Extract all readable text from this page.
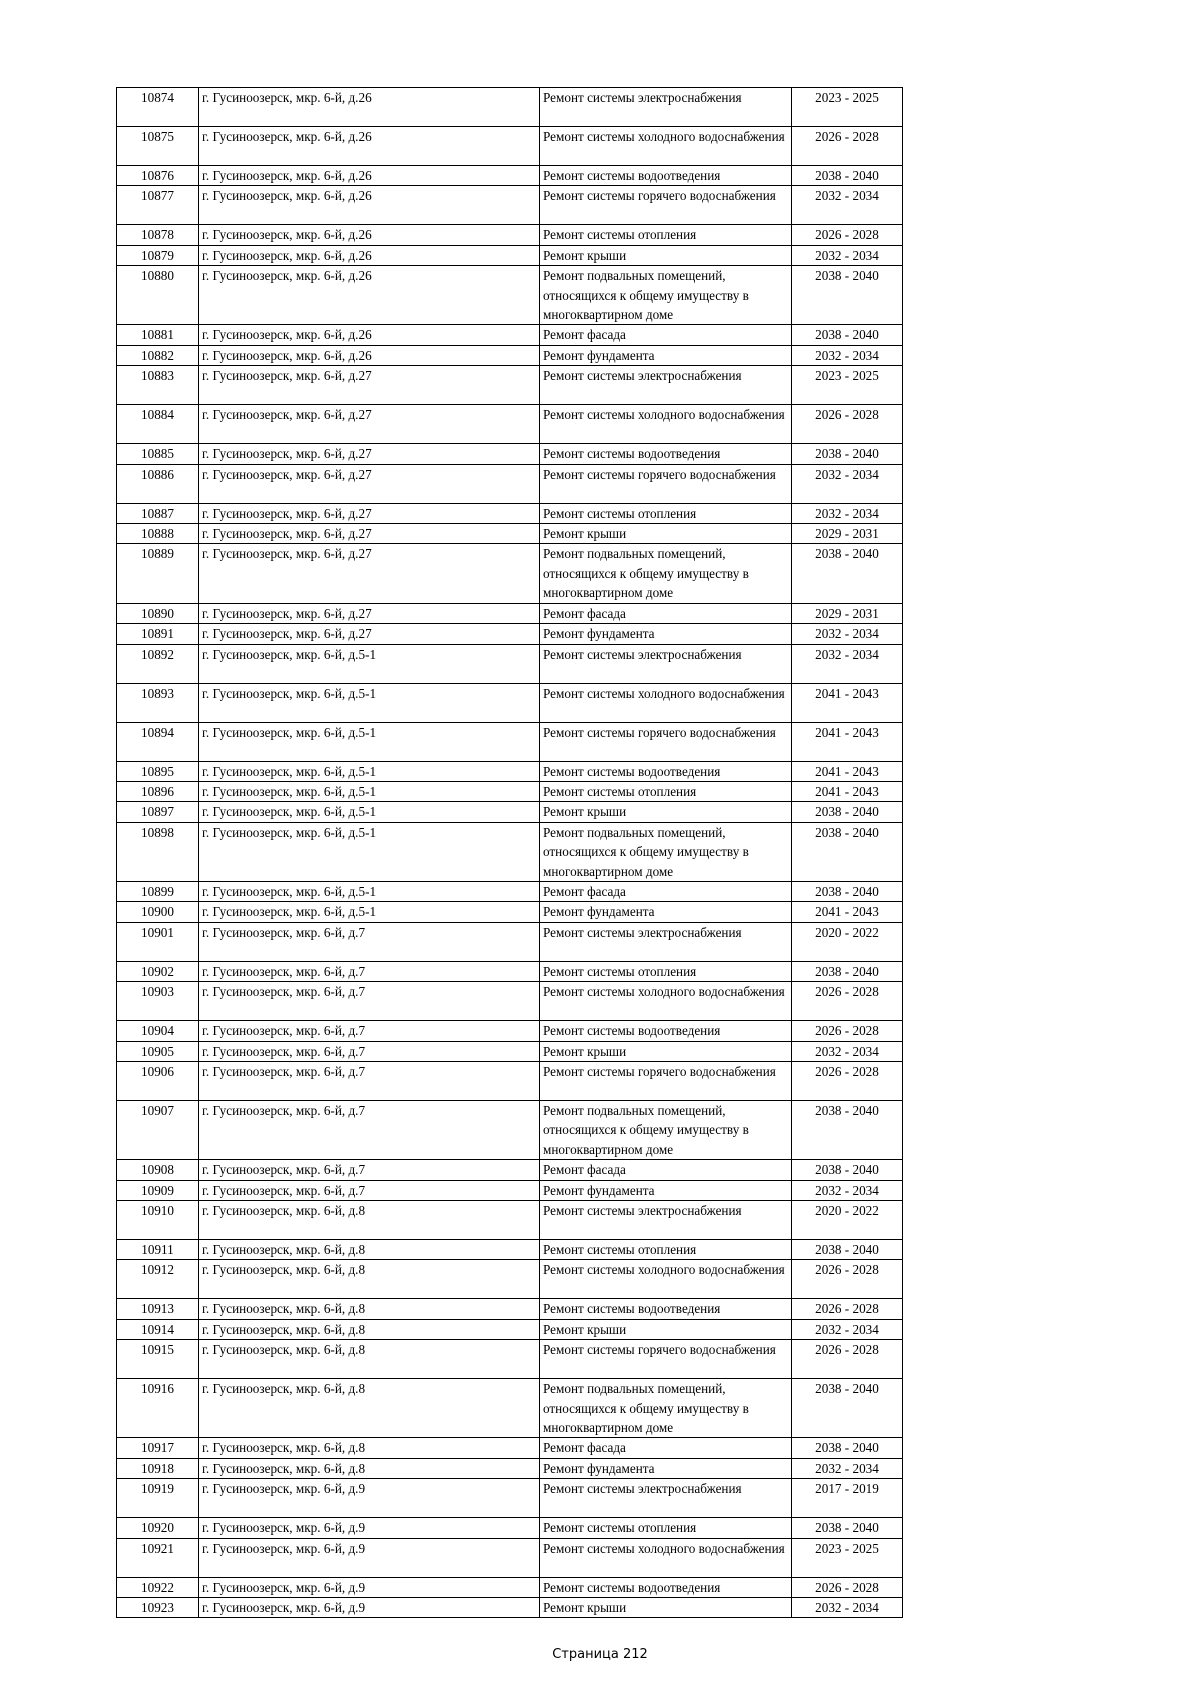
10874	г. Гусиноозерск, мкр. 6-й, д.26	Ремонт системы электроснабжения	2023 - 2025
10875	г. Гусиноозерск, мкр. 6-й, д.26	Ремонт системы холодного водоснабжения	2026 - 2028
10876	г. Гусиноозерск, мкр. 6-й, д.26	Ремонт системы водоотведения	2038 - 2040
10877	г. Гусиноозерск, мкр. 6-й, д.26	Ремонт системы горячего водоснабжения	2032 - 2034
10878	г. Гусиноозерск, мкр. 6-й, д.26	Ремонт системы отопления	2026 - 2028
10879	г. Гусиноозерск, мкр. 6-й, д.26	Ремонт крыши	2032 - 2034
10880	г. Гусиноозерск, мкр. 6-й, д.26	Ремонт подвальных помещений, относящихся к общему имуществу в многоквартирном доме	2038 - 2040
10881	г. Гусиноозерск, мкр. 6-й, д.26	Ремонт фасада	2038 - 2040
10882	г. Гусиноозерск, мкр. 6-й, д.26	Ремонт фундамента	2032 - 2034
10883	г. Гусиноозерск, мкр. 6-й, д.27	Ремонт системы электроснабжения	2023 - 2025
10884	г. Гусиноозерск, мкр. 6-й, д.27	Ремонт системы холодного водоснабжения	2026 - 2028
10885	г. Гусиноозерск, мкр. 6-й, д.27	Ремонт системы водоотведения	2038 - 2040
10886	г. Гусиноозерск, мкр. 6-й, д.27	Ремонт системы горячего водоснабжения	2032 - 2034
10887	г. Гусиноозерск, мкр. 6-й, д.27	Ремонт системы отопления	2032 - 2034
10888	г. Гусиноозерск, мкр. 6-й, д.27	Ремонт крыши	2029 - 2031
10889	г. Гусиноозерск, мкр. 6-й, д.27	Ремонт подвальных помещений, относящихся к общему имуществу в многоквартирном доме	2038 - 2040
10890	г. Гусиноозерск, мкр. 6-й, д.27	Ремонт фасада	2029 - 2031
10891	г. Гусиноозерск, мкр. 6-й, д.27	Ремонт фундамента	2032 - 2034
10892	г. Гусиноозерск, мкр. 6-й, д.5-1	Ремонт системы электроснабжения	2032 - 2034
10893	г. Гусиноозерск, мкр. 6-й, д.5-1	Ремонт системы холодного водоснабжения	2041 - 2043
10894	г. Гусиноозерск, мкр. 6-й, д.5-1	Ремонт системы горячего водоснабжения	2041 - 2043
10895	г. Гусиноозерск, мкр. 6-й, д.5-1	Ремонт системы водоотведения	2041 - 2043
10896	г. Гусиноозерск, мкр. 6-й, д.5-1	Ремонт системы отопления	2041 - 2043
10897	г. Гусиноозерск, мкр. 6-й, д.5-1	Ремонт крыши	2038 - 2040
10898	г. Гусиноозерск, мкр. 6-й, д.5-1	Ремонт подвальных помещений, относящихся к общему имуществу в многоквартирном доме	2038 - 2040
10899	г. Гусиноозерск, мкр. 6-й, д.5-1	Ремонт фасада	2038 - 2040
10900	г. Гусиноозерск, мкр. 6-й, д.5-1	Ремонт фундамента	2041 - 2043
10901	г. Гусиноозерск, мкр. 6-й, д.7	Ремонт системы электроснабжения	2020 - 2022
10902	г. Гусиноозерск, мкр. 6-й, д.7	Ремонт системы отопления	2038 - 2040
10903	г. Гусиноозерск, мкр. 6-й, д.7	Ремонт системы холодного водоснабжения	2026 - 2028
10904	г. Гусиноозерск, мкр. 6-й, д.7	Ремонт системы водоотведения	2026 - 2028
10905	г. Гусиноозерск, мкр. 6-й, д.7	Ремонт крыши	2032 - 2034
10906	г. Гусиноозерск, мкр. 6-й, д.7	Ремонт системы горячего водоснабжения	2026 - 2028
10907	г. Гусиноозерск, мкр. 6-й, д.7	Ремонт подвальных помещений, относящихся к общему имуществу в многоквартирном доме	2038 - 2040
10908	г. Гусиноозерск, мкр. 6-й, д.7	Ремонт фасада	2038 - 2040
10909	г. Гусиноозерск, мкр. 6-й, д.7	Ремонт фундамента	2032 - 2034
10910	г. Гусиноозерск, мкр. 6-й, д.8	Ремонт системы электроснабжения	2020 - 2022
10911	г. Гусиноозерск, мкр. 6-й, д.8	Ремонт системы отопления	2038 - 2040
10912	г. Гусиноозерск, мкр. 6-й, д.8	Ремонт системы холодного водоснабжения	2026 - 2028
10913	г. Гусиноозерск, мкр. 6-й, д.8	Ремонт системы водоотведения	2026 - 2028
10914	г. Гусиноозерск, мкр. 6-й, д.8	Ремонт крыши	2032 - 2034
10915	г. Гусиноозерск, мкр. 6-й, д.8	Ремонт системы горячего водоснабжения	2026 - 2028
10916	г. Гусиноозерск, мкр. 6-й, д.8	Ремонт подвальных помещений, относящихся к общему имуществу в многоквартирном доме	2038 - 2040
10917	г. Гусиноозерск, мкр. 6-й, д.8	Ремонт фасада	2038 - 2040
10918	г. Гусиноозерск, мкр. 6-й, д.8	Ремонт фундамента	2032 - 2034
10919	г. Гусиноозерск, мкр. 6-й, д.9	Ремонт системы электроснабжения	2017 - 2019
10920	г. Гусиноозерск, мкр. 6-й, д.9	Ремонт системы отопления	2038 - 2040
10921	г. Гусиноозерск, мкр. 6-й, д.9	Ремонт системы холодного водоснабжения	2023 - 2025
10922	г. Гусиноозерск, мкр. 6-й, д.9	Ремонт системы водоотведения	2026 - 2028
10923	г. Гусиноозерск, мкр. 6-й, д.9	Ремонт крыши	2032 - 2034
Страница 212
